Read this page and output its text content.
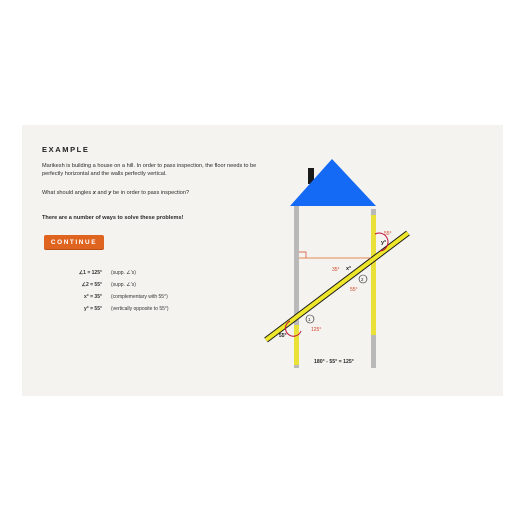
EXAMPLE
Marikesh is building a house on a hill. In order to pass inspection, the floor needs to be perfectly horizontal and the walls perfectly vertical.
What should angles x and y be in order to pass inspection?
There are a number of ways to solve these problems!
CONTINUE
∠1 = 125° (supp. ∠'s)
∠2 = 55° (supp. ∠'s)
x° = 35° (complementary with 55°)
y° = 55° (vertically opposite to 55°)
55°
y°
35° x°
2
55°
1
55°
125°
180° - 55° = 125°
